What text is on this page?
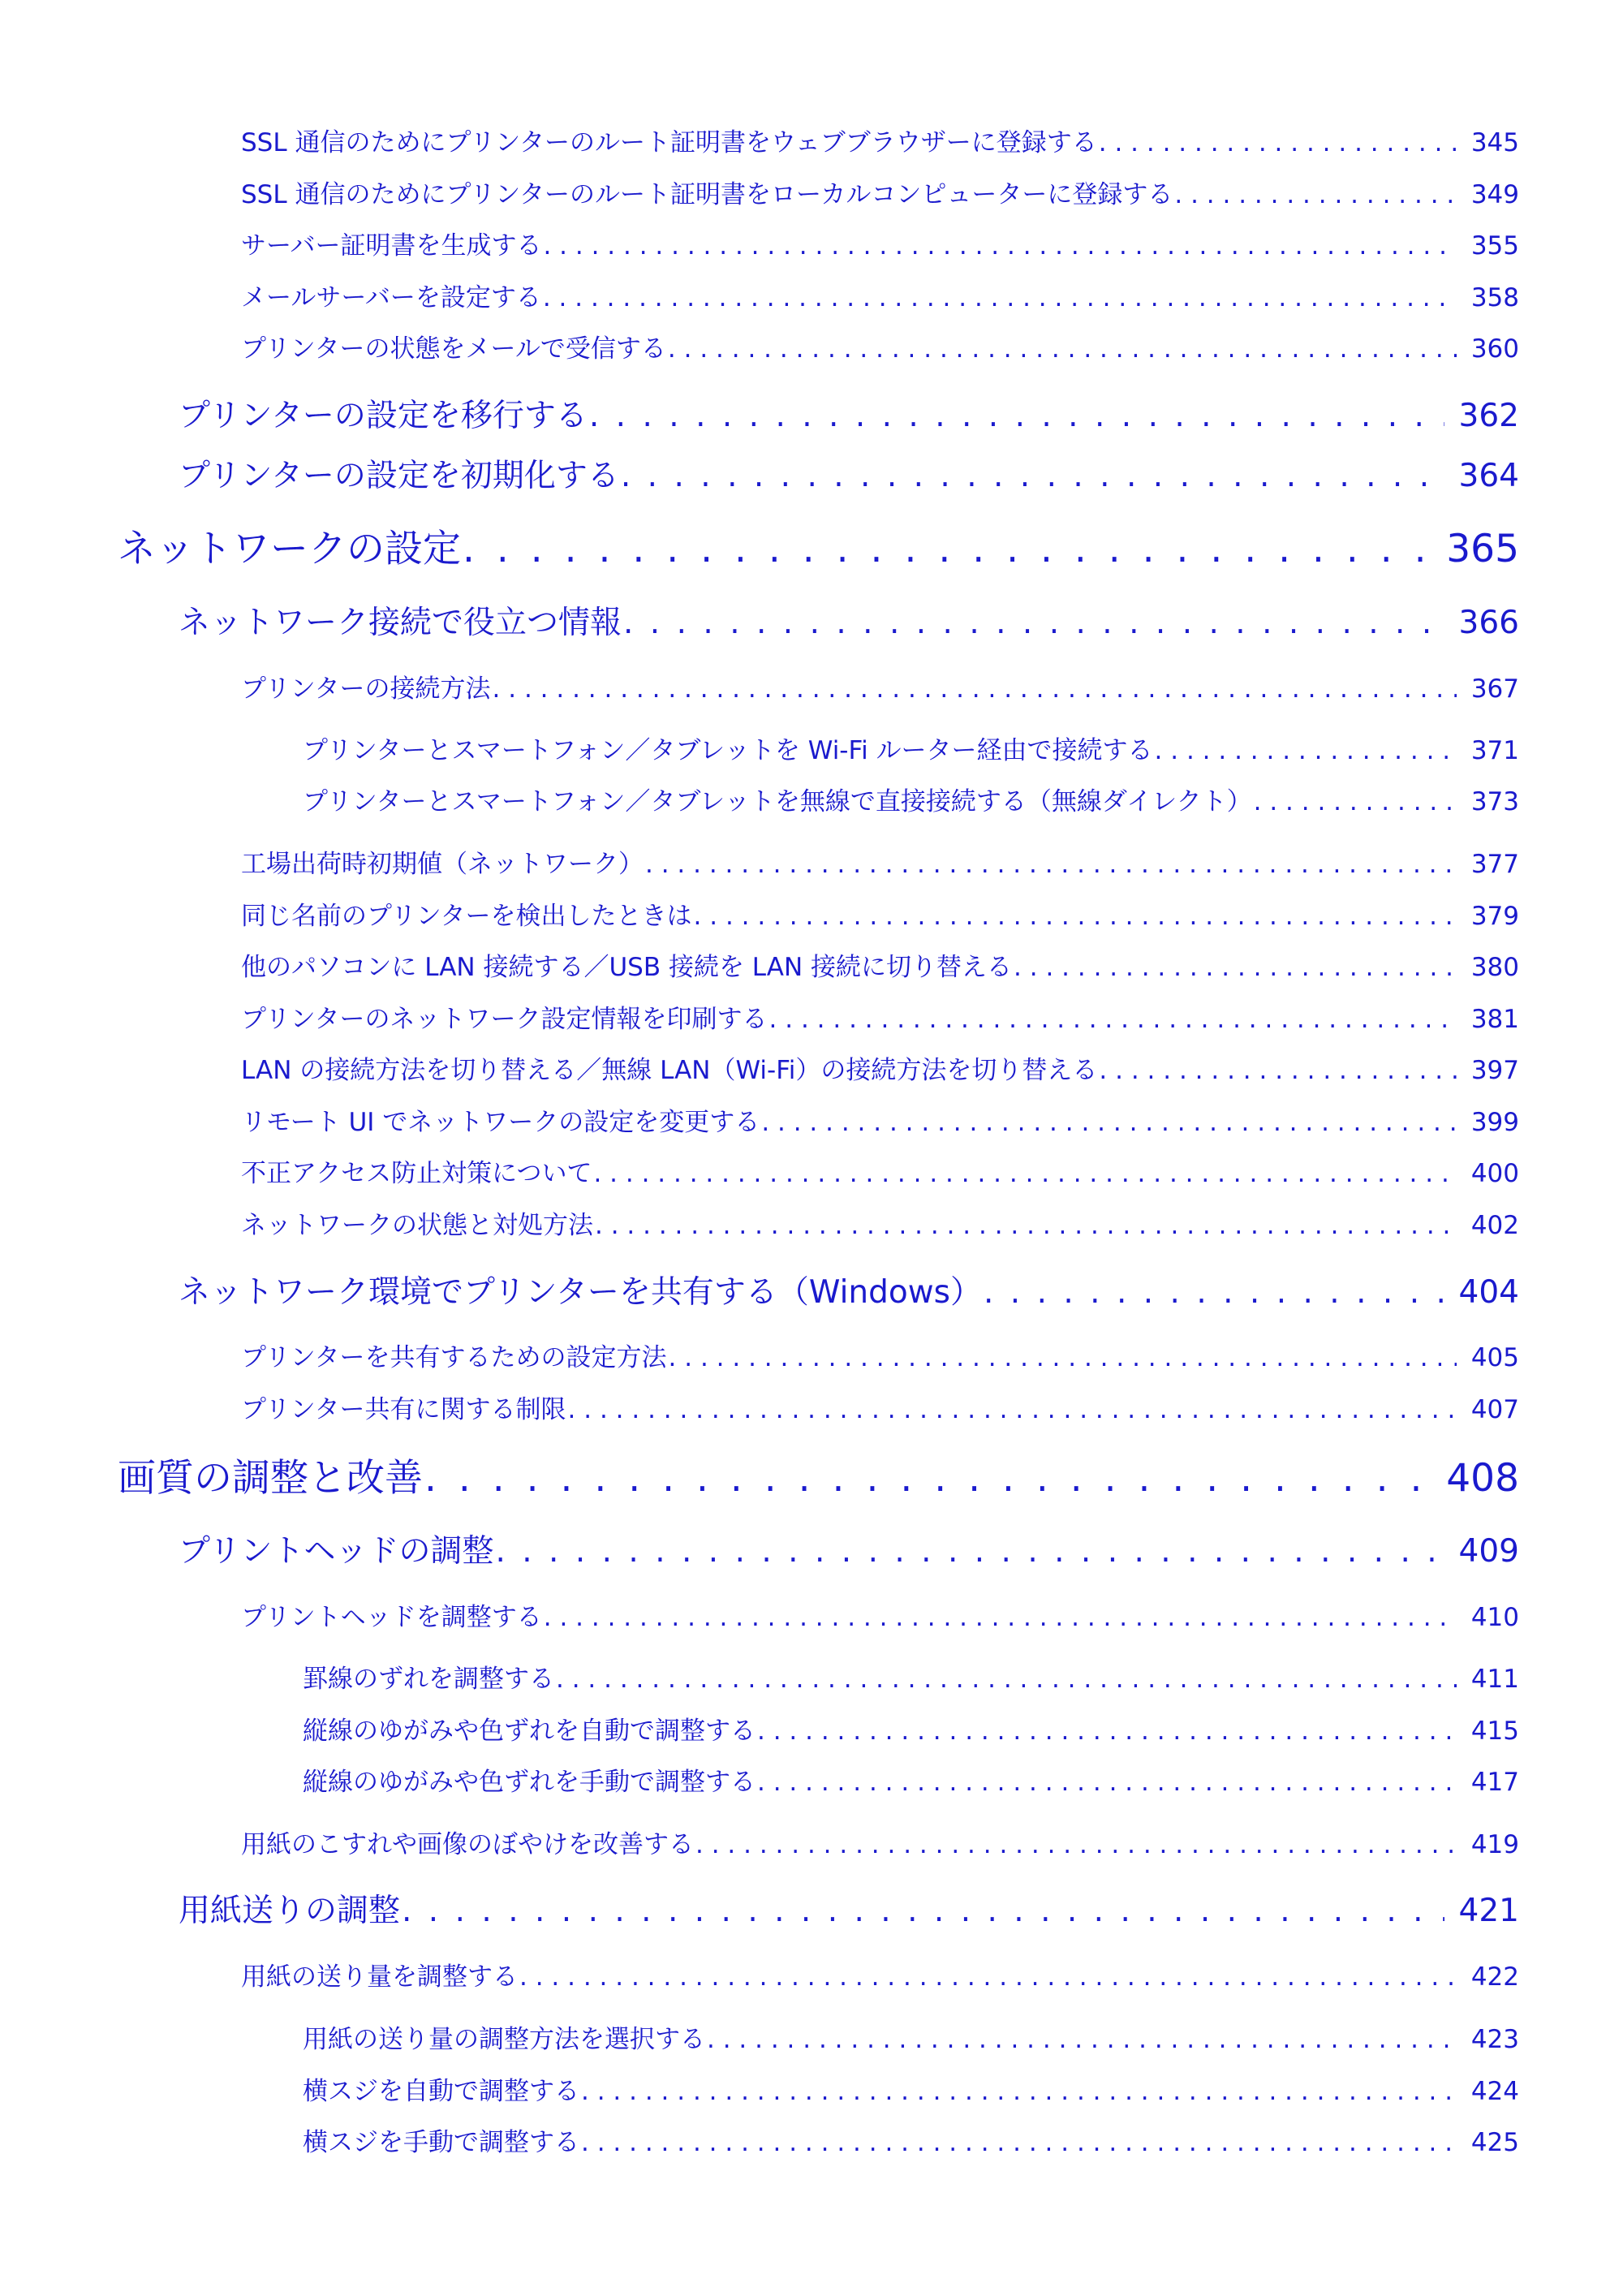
SSL 通信のためにプリンターのルート証明書をウェブブラウザーに登録する . . .	345
SSL 通信のためにプリンターのルート証明書をローカルコンピューターに登録する . . .	349
サーバー証明書を生成する . . .	355
メールサーバーを設定する . . .	358
プリンターの状態をメールで受信する . . .	360
プリンターの設定を移行する . . .	362
プリンターの設定を初期化する . . .	364
ネットワークの設定 . . .	365
ネットワーク接続で役立つ情報 . . .	366
プリンターの接続方法 . . .	367
プリンターとスマートフォン／タブレットを Wi-Fi ルーター経由で接続する . . .	371
プリンターとスマートフォン／タブレットを無線で直接接続する（無線ダイレクト） . . .	373
工場出荷時初期値（ネットワーク） . . .	377
同じ名前のプリンターを検出したときは . . .	379
他のパソコンに LAN 接続する／USB 接続を LAN 接続に切り替える . . .	380
プリンターのネットワーク設定情報を印刷する . . .	381
LAN の接続方法を切り替える／無線 LAN（Wi-Fi）の接続方法を切り替える . . .	397
リモート UI でネットワークの設定を変更する . . .	399
不正アクセス防止対策について . . .	400
ネットワークの状態と対処方法 . . .	402
ネットワーク環境でプリンターを共有する（Windows） . . .	404
プリンターを共有するための設定方法 . . .	405
プリンター共有に関する制限 . . .	407
画質の調整と改善 . . .	408
プリントヘッドの調整 . . .	409
プリントヘッドを調整する . . .	410
罫線のずれを調整する . . .	411
縦線のゆがみや色ずれを自動で調整する . . .	415
縦線のゆがみや色ずれを手動で調整する . . .	417
用紙のこすれや画像のぼやけを改善する . . .	419
用紙送りの調整 . . .	421
用紙の送り量を調整する . . .	422
用紙の送り量の調整方法を選択する . . .	423
横スジを自動で調整する . . .	424
横スジを手動で調整する . . .	425
